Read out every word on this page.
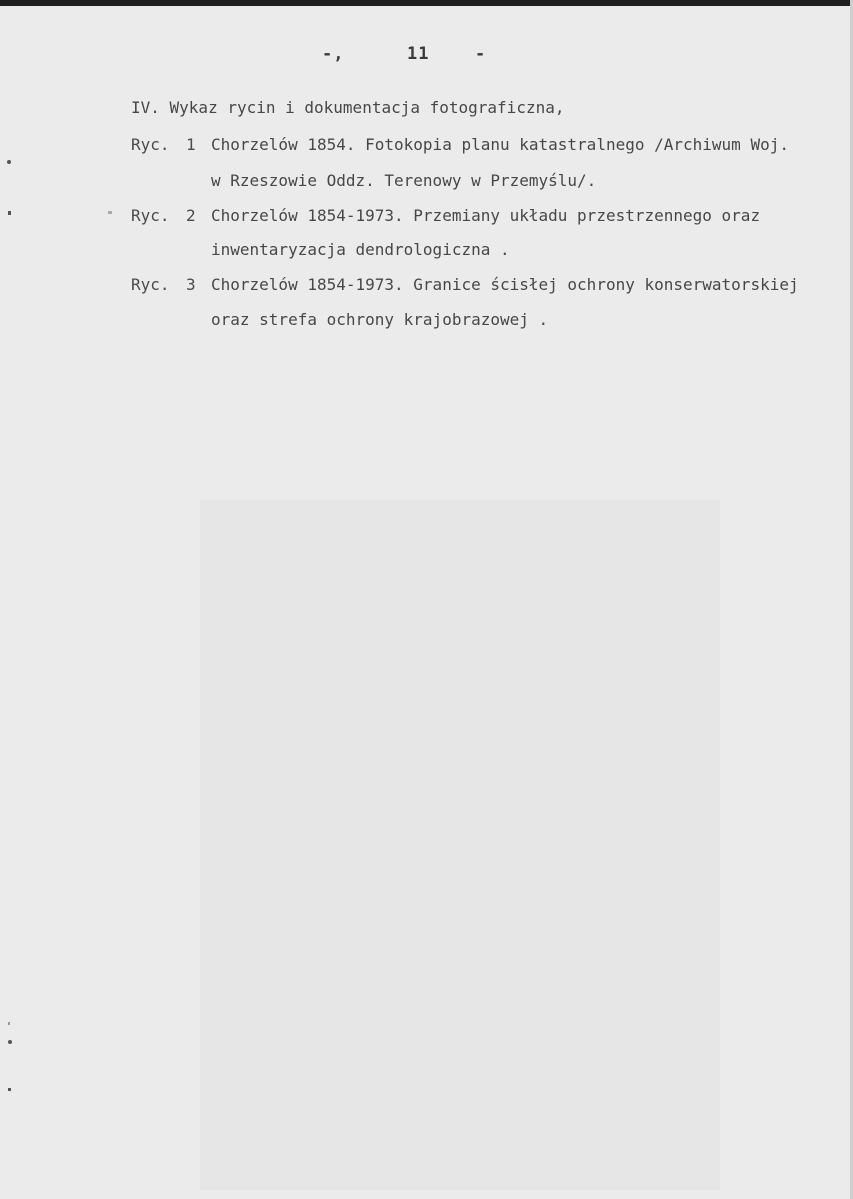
-,	11	-
IV. Wykaz rycin i dokumentacja fotograficzna,
Ryc. 1 Chorzelów 1854. Fotokopia planu katastralnego /Archiwum Woj.
w Rzeszowie Oddz. Terenowy w Przemyślu/.
Ryc. 2 Chorzelów 1854-1973. Przemiany układu przestrzennego oraz
inwentaryzacja dendrologiczna .
Ryc. 3 Chorzelów 1854-1973. Granice ścisłej ochrony konserwatorskiej
oraz strefa ochrony krajobrazowej .
